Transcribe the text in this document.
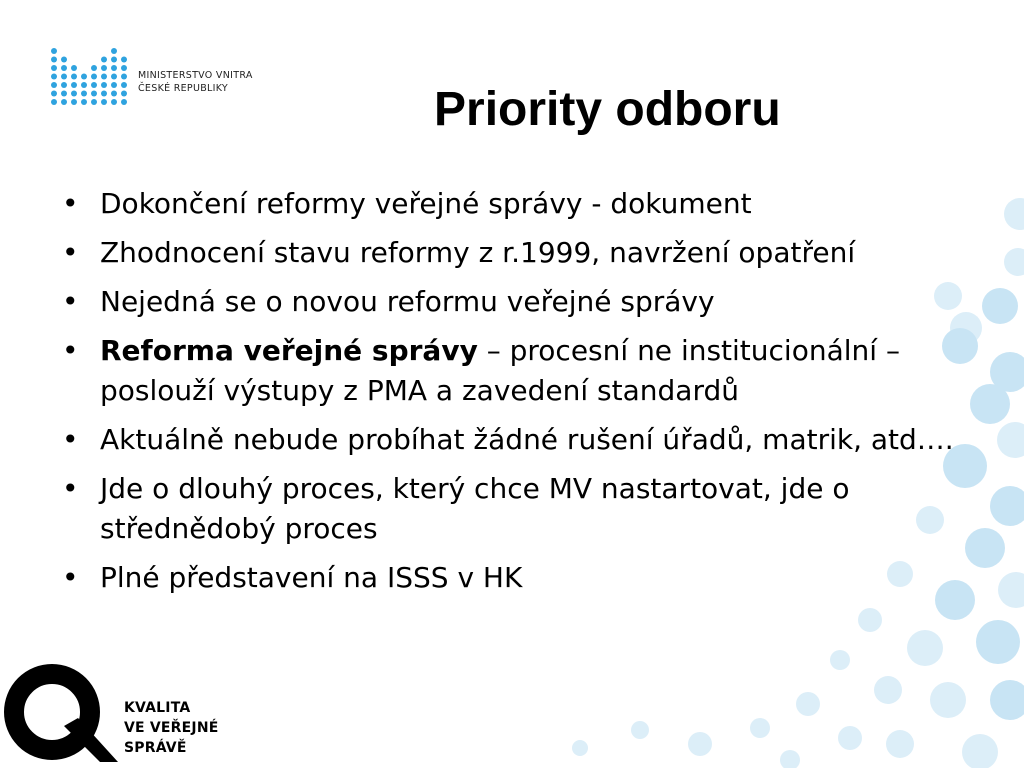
MINISTERSTVO VNITRA
ČESKÉ REPUBLIKY	Priority odboru
• Dokončení reformy veřejné správy - dokument
• Zhodnocení stavu reformy z r.1999, navržení opatření
• Nejedná se o novou reformu veřejné správy
• Reforma veřejné správy – procesní ne institucionální – poslouží výstupy z PMA a zavedení standardů
• Aktuálně nebude probíhat žádné rušení úřadů, matrik, atd….
• Jde o dlouhý proces, který chce MV nastartovat, jde o střednědobý proces
• Plné představení na ISSS v HK
KVALITA
VE VEŘEJNÉ
SPRÁVĚ
